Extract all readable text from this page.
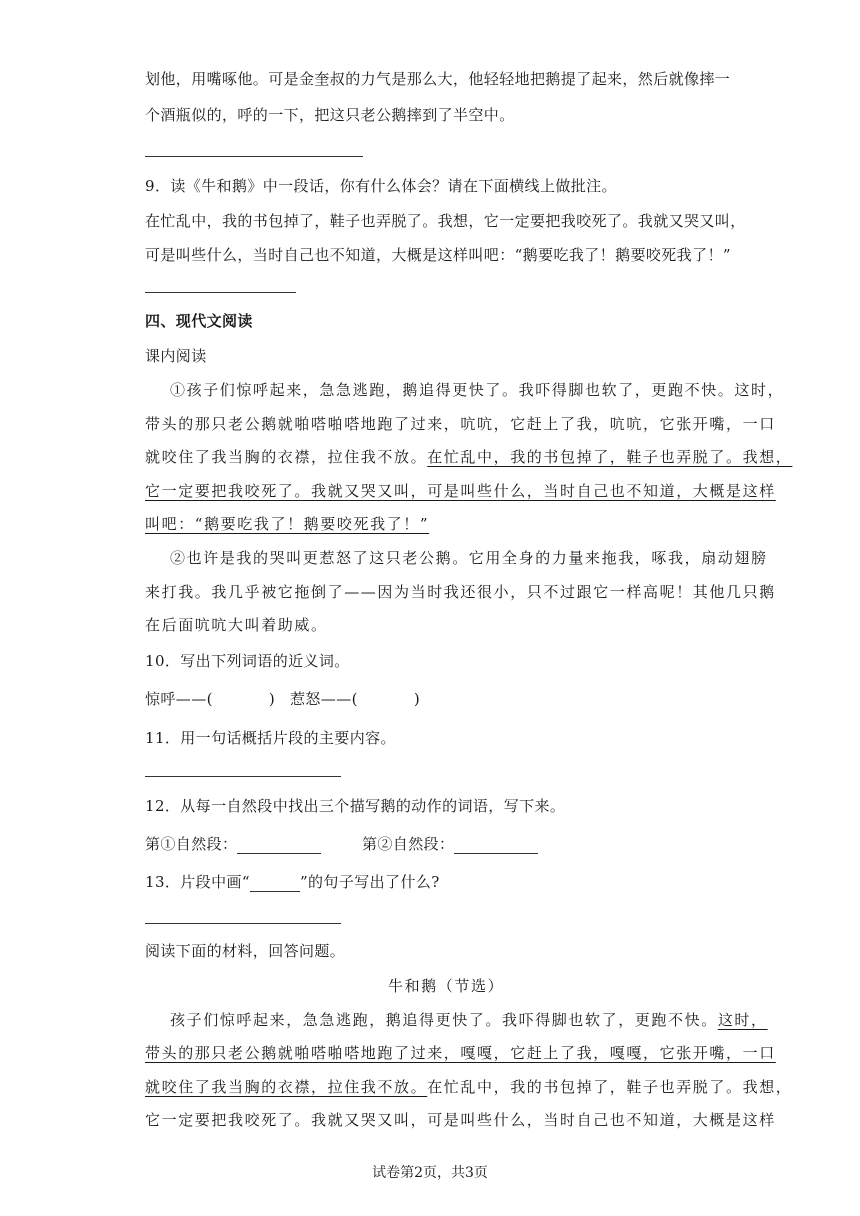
划他，用嘴啄他。可是金奎叔的力气是那么大，他轻轻地把鹅提了起来，然后就像摔一
个酒瓶似的，呼的一下，把这只老公鹅摔到了半空中。
9．读《牛和鹅》中一段话，你有什么体会？请在下面横线上做批注。
在忙乱中，我的书包掉了，鞋子也弄脱了。我想，它一定要把我咬死了。我就又哭又叫，
可是叫些什么，当时自己也不知道，大概是这样叫吧：“鹅要吃我了！鹅要咬死我了！”
四、现代文阅读
课内阅读
①孩子们惊呼起来，急急逃跑，鹅追得更快了。我吓得脚也软了，更跑不快。这时，
带头的那只老公鹅就啪嗒啪嗒地跑了过来，吭吭，它赶上了我，吭吭，它张开嘴，一口
就咬住了我当胸的衣襟，拉住我不放。在忙乱中，我的书包掉了，鞋子也弄脱了。我想，
它一定要把我咬死了。我就又哭又叫，可是叫些什么，当时自己也不知道，大概是这样
叫吧：“鹅要吃我了！鹅要咬死我了！”
②也许是我的哭叫更惹怒了这只老公鹅。它用全身的力量来拖我，啄我，扇动翅膀
来打我。我几乎被它拖倒了——因为当时我还很小，只不过跟它一样高呢！其他几只鹅
在后面吭吭大叫着助威。
10．写出下列词语的近义词。
惊呼——(	) 惹怒——(	)
11．用一句话概括片段的主要内容。
12．从每一自然段中找出三个描写鹅的动作的词语，写下来。
第①自然段：	第②自然段：
13．片段中画“	”的句子写出了什么?
阅读下面的材料，回答问题。
牛和鹅（节选）
孩子们惊呼起来，急急逃跑，鹅追得更快了。我吓得脚也软了，更跑不快。这时，
带头的那只老公鹅就啪嗒啪嗒地跑了过来，嘎嘎，它赶上了我，嘎嘎，它张开嘴，一口
就咬住了我当胸的衣襟，拉住我不放。在忙乱中，我的书包掉了，鞋子也弄脱了。我想，
它一定要把我咬死了。我就又哭又叫，可是叫些什么，当时自己也不知道，大概是这样
试卷第2页，共3页
